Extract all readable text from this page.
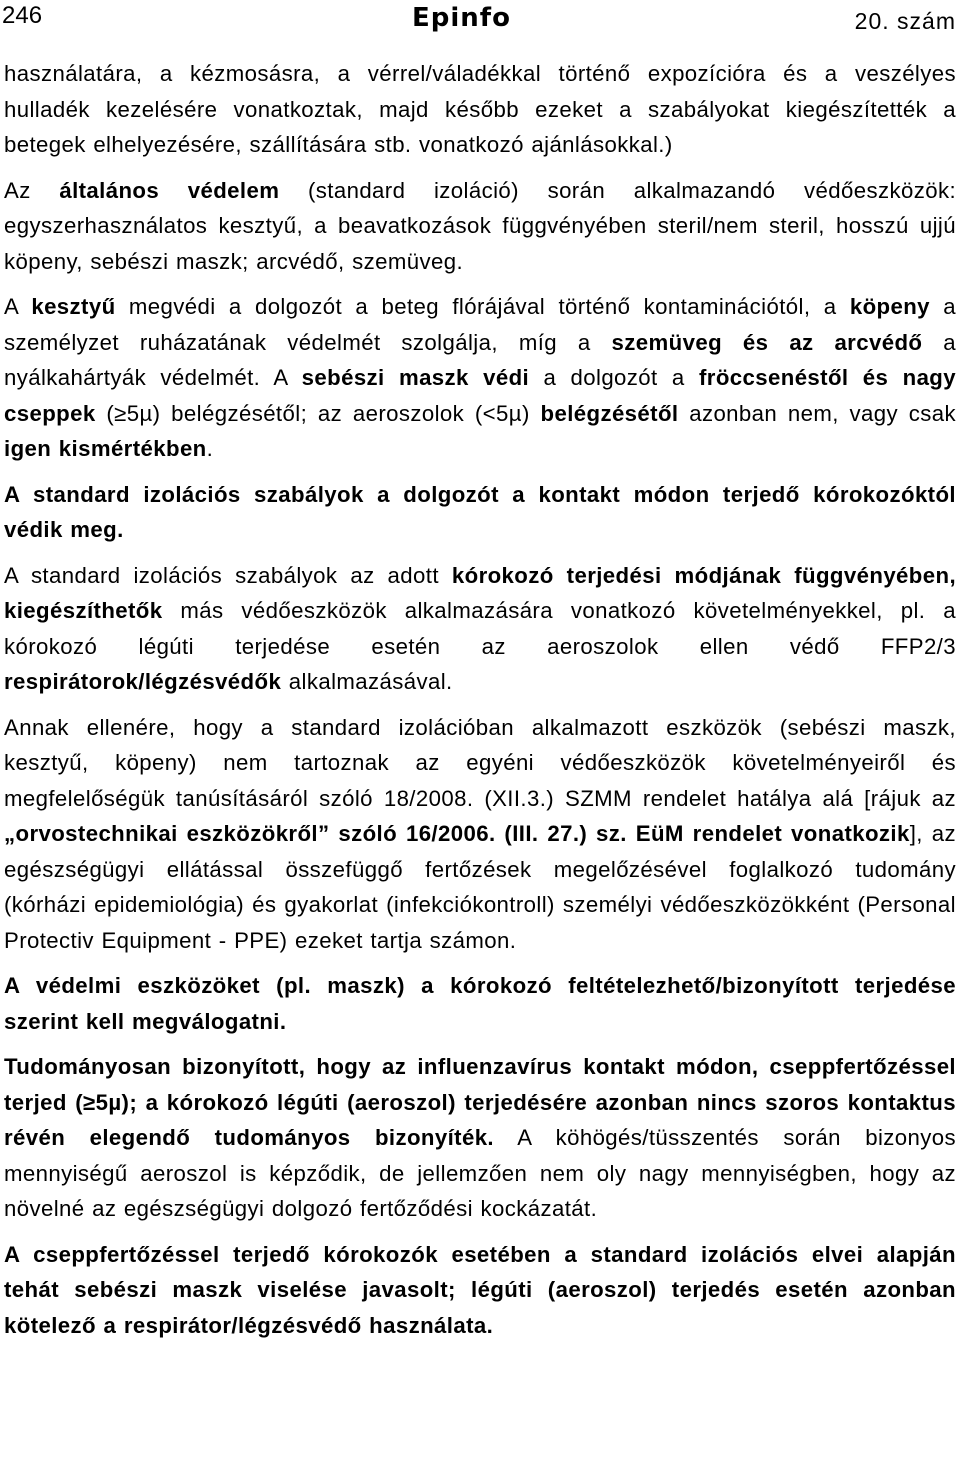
246	Epinfo	20. szám

használatára, a kézmosásra, a vérrel/váladékkal történő expozícióra és a veszélyes hulladék kezelésére vonatkoztak, majd később ezeket a szabályokat kiegészítették a betegek elhelyezésére, szállítására stb. vonatkozó ajánlásokkal.)

Az általános védelem (standard izoláció) során alkalmazandó védőeszközök: egyszerhasználatos kesztyű, a beavatkozások függvényében steril/nem steril, hosszú ujjú köpeny, sebészi maszk; arcvédő, szemüveg.

A kesztyű megvédi a dolgozót a beteg flórájával történő kontaminációtól, a köpeny a személyzet ruházatának védelmét szolgálja, míg a szemüveg és az arcvédő a nyálkahártyák védelmét. A sebészi maszk védi a dolgozót a fröccsenéstől és nagy cseppek (≥5µ) belégzésétől; az aeroszolok (<5µ) belégzésétől azonban nem, vagy csak igen kismértékben.

A standard izolációs szabályok a dolgozót a kontakt módon terjedő kórokozóktól védik meg.

A standard izolációs szabályok az adott kórokozó terjedési módjának függvényében, kiegészíthetők más védőeszközök alkalmazására vonatkozó követelményekkel, pl. a kórokozó légúti terjedése esetén az aeroszolok ellen védő FFP2/3 respirátorok/légzésvédők alkalmazásával.

Annak ellenére, hogy a standard izolációban alkalmazott eszközök (sebészi maszk, kesztyű, köpeny) nem tartoznak az egyéni védőeszközök követelményeiről és megfelelőségük tanúsításáról szóló 18/2008. (XII.3.) SZMM rendelet hatálya alá [rájuk az „orvostechnikai eszközökről” szóló 16/2006. (III. 27.) sz. EüM rendelet vonatkozik], az egészségügyi ellátással összefüggő fertőzések megelőzésével foglalkozó tudomány (kórházi epidemiológia) és gyakorlat (infekciókontroll) személyi védőeszközökként (Personal Protectiv Equipment - PPE) ezeket tartja számon.

A védelmi eszközöket (pl. maszk) a kórokozó feltételezhető/bizonyított terjedése szerint kell megválogatni.

Tudományosan bizonyított, hogy az influenzavírus kontakt módon, cseppfertőzéssel terjed (≥5µ); a kórokozó légúti (aeroszol) terjedésére azonban nincs szoros kontaktus révén elegendő tudományos bizonyíték. A köhögés/tüsszentés során bizonyos mennyiségű aeroszol is képződik, de jellemzően nem oly nagy mennyiségben, hogy az növelné az egészségügyi dolgozó fertőződési kockázatát.

A cseppfertőzéssel terjedő kórokozók esetében a standard izolációs elvei alapján tehát sebészi maszk viselése javasolt; légúti (aeroszol) terjedés esetén azonban kötelező a respirátor/légzésvédő használata.
